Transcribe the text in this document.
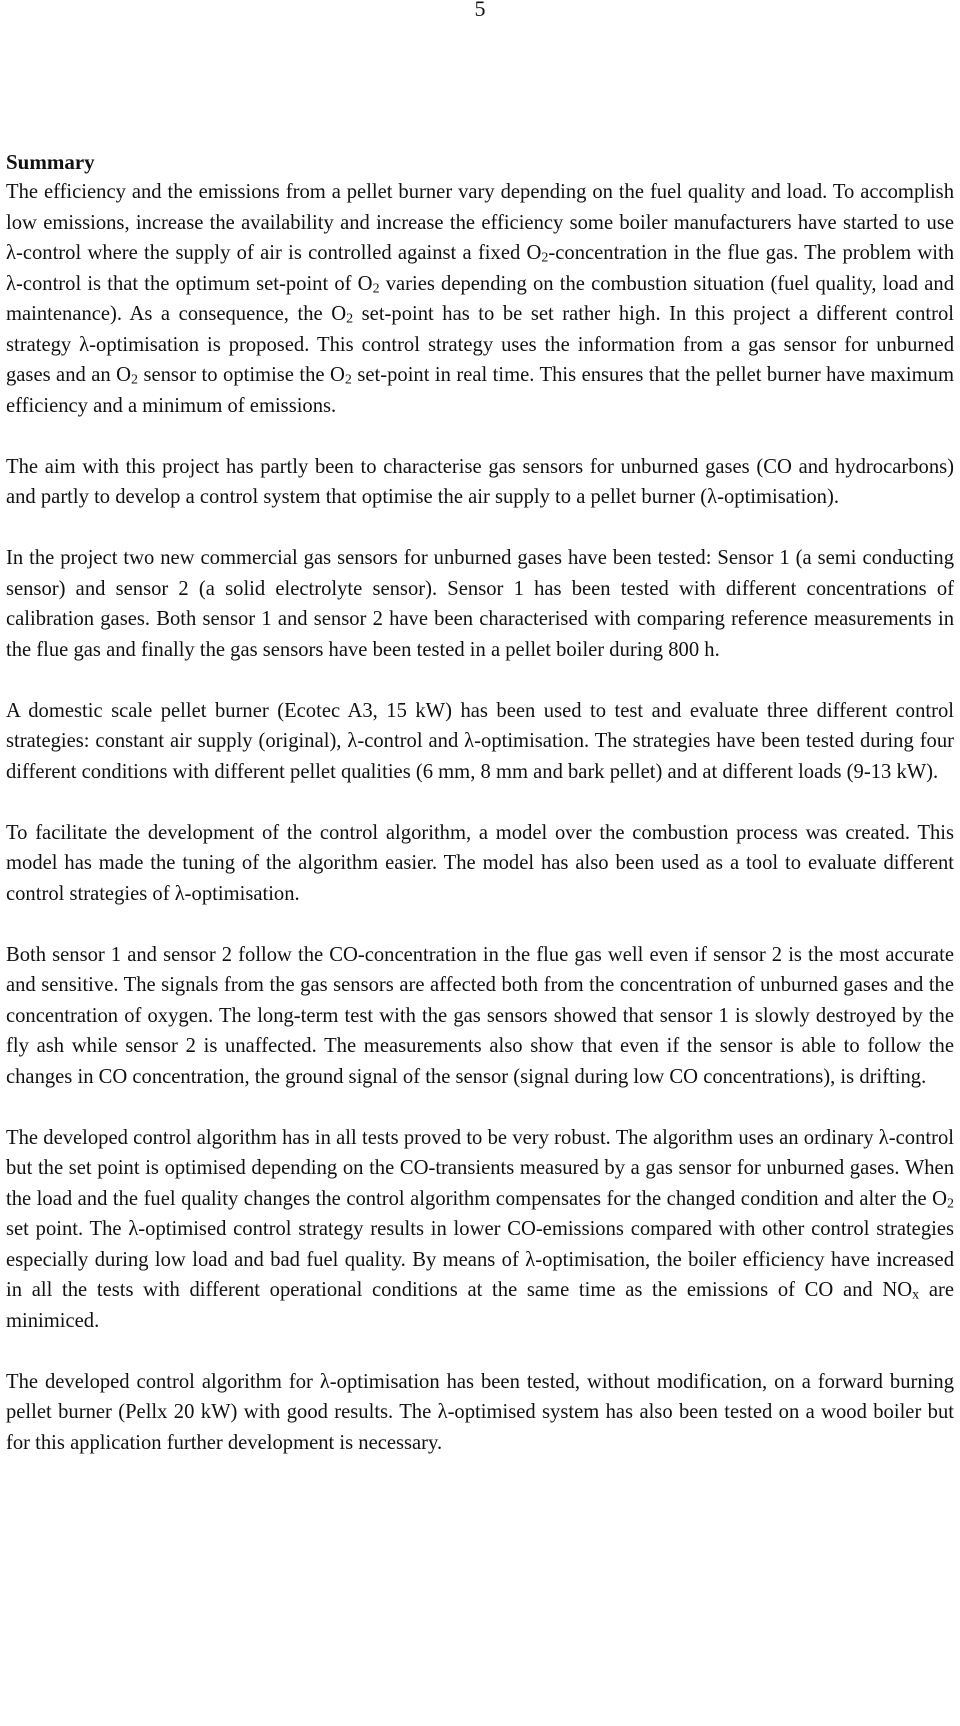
5
Summary

The efficiency and the emissions from a pellet burner vary depending on the fuel quality and load. To accomplish low emissions, increase the availability and increase the efficiency some boiler manufacturers have started to use λ-control where the supply of air is controlled against a fixed $O_2$-concentration in the flue gas. The problem with λ-control is that the optimum set-point of $O_2$ varies depending on the combustion situation (fuel quality, load and maintenance). As a consequence, the $O_2$ set-point has to be set rather high. In this project a different control strategy λ-optimisation is proposed. This control strategy uses the information from a gas sensor for unburned gases and an $O_2$ sensor to optimise the $O_2$ set-point in real time. This ensures that the pellet burner have maximum efficiency and a minimum of emissions.

The aim with this project has partly been to characterise gas sensors for unburned gases (CO and hydrocarbons) and partly to develop a control system that optimise the air supply to a pellet burner (λ-optimisation).

In the project two new commercial gas sensors for unburned gases have been tested: Sensor 1 (a semi conducting sensor) and sensor 2 (a solid electrolyte sensor). Sensor 1 has been tested with different concentrations of calibration gases. Both sensor 1 and sensor 2 have been characterised with comparing reference measurements in the flue gas and finally the gas sensors have been tested in a pellet boiler during 800 h.

A domestic scale pellet burner (Ecotec A3, 15 kW) has been used to test and evaluate three different control strategies: constant air supply (original), λ-control and λ-optimisation. The strategies have been tested during four different conditions with different pellet qualities (6 mm, 8 mm and bark pellet) and at different loads (9-13 kW).

To facilitate the development of the control algorithm, a model over the combustion process was created. This model has made the tuning of the algorithm easier. The model has also been used as a tool to evaluate different control strategies of λ-optimisation.

Both sensor 1 and sensor 2 follow the CO-concentration in the flue gas well even if sensor 2 is the most accurate and sensitive. The signals from the gas sensors are affected both from the concentration of unburned gases and the concentration of oxygen. The long-term test with the gas sensors showed that sensor 1 is slowly destroyed by the fly ash while sensor 2 is unaffected. The measurements also show that even if the sensor is able to follow the changes in CO concentration, the ground signal of the sensor (signal during low CO concentrations), is drifting.

The developed control algorithm has in all tests proved to be very robust. The algorithm uses an ordinary λ-control but the set point is optimised depending on the CO-transients measured by a gas sensor for unburned gases. When the load and the fuel quality changes the control algorithm compensates for the changed condition and alter the $O_2$ set point. The λ-optimised control strategy results in lower CO-emissions compared with other control strategies especially during low load and bad fuel quality. By means of λ-optimisation, the boiler efficiency have increased in all the tests with different operational conditions at the same time as the emissions of CO and $NO_x$ are minimiced.

The developed control algorithm for λ-optimisation has been tested, without modification, on a forward burning pellet burner (Pellx 20 kW) with good results. The λ-optimised system has also been tested on a wood boiler but for this application further development is necessary.
